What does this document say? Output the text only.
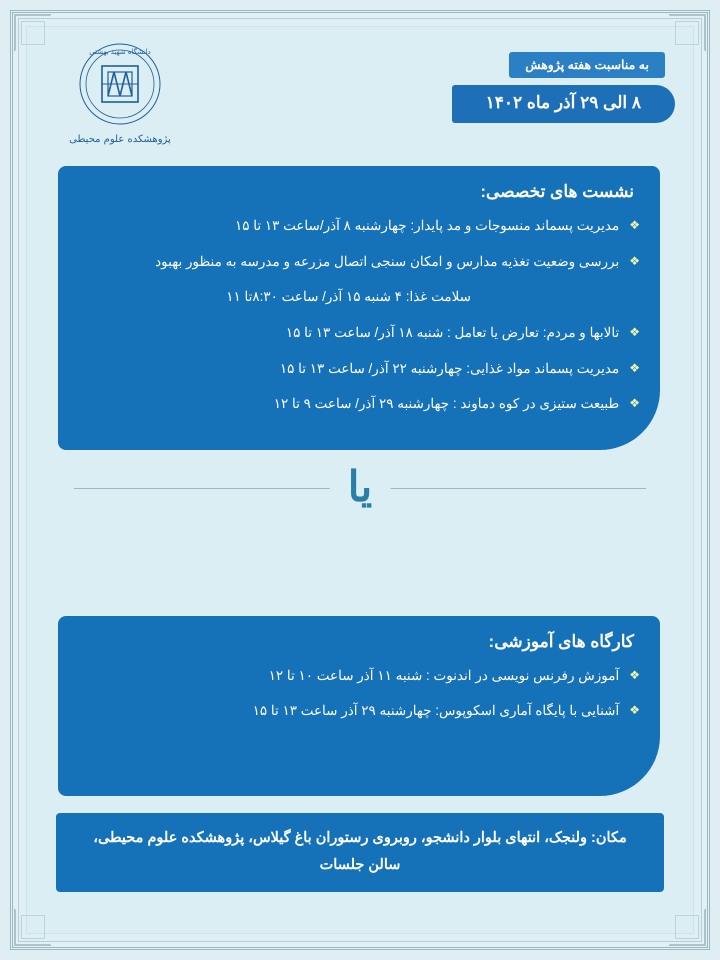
به مناسبت هفته پژوهش
۸ الی ۲۹ آذر ماه ۱۴۰۲
دانشگاه شهید بهشتی
پژوهشکده علوم محیطی
نشست های تخصصی:
❖
مدیریت پسماند منسوجات و مد پایدار: چهارشنبه ۸ آذر/ساعت ۱۳ تا ۱۵
❖
بررسی وضعیت تغذیه مدارس و امکان سنجی اتصال مزرعه و مدرسه به منظور بهبود
سلامت غذا: ۴ شنبه ۱۵ آذر/ ساعت ۸:۳۰تا ۱۱
❖
تالابها و مردم: تعارض یا تعامل : شنبه ۱۸ آذر/ ساعت ۱۳ تا ۱۵
❖
مدیریت پسماند مواد غذایی: چهارشنبه ۲۲ آذر/ ساعت ۱۳ تا ۱۵
❖
طبیعت ستیزی در کوه دماوند : چهارشنبه ۲۹ آذر/ ساعت ۹ تا ۱۲
یا
کارگاه های آموزشی:
❖
آموزش رفرنس نویسی در اندنوت : شنبه ۱۱ آذر ساعت ۱۰ تا ۱۲
❖
آشنایی با پایگاه آماری اسکوپوس: چهارشنبه ۲۹ آذر ساعت ۱۳ تا ۱۵
مکان: ولنجک، انتهای بلوار دانشجو، روبروی رستوران باغ گیلاس، پژوهشکده علوم محیطی، سالن جلسات
